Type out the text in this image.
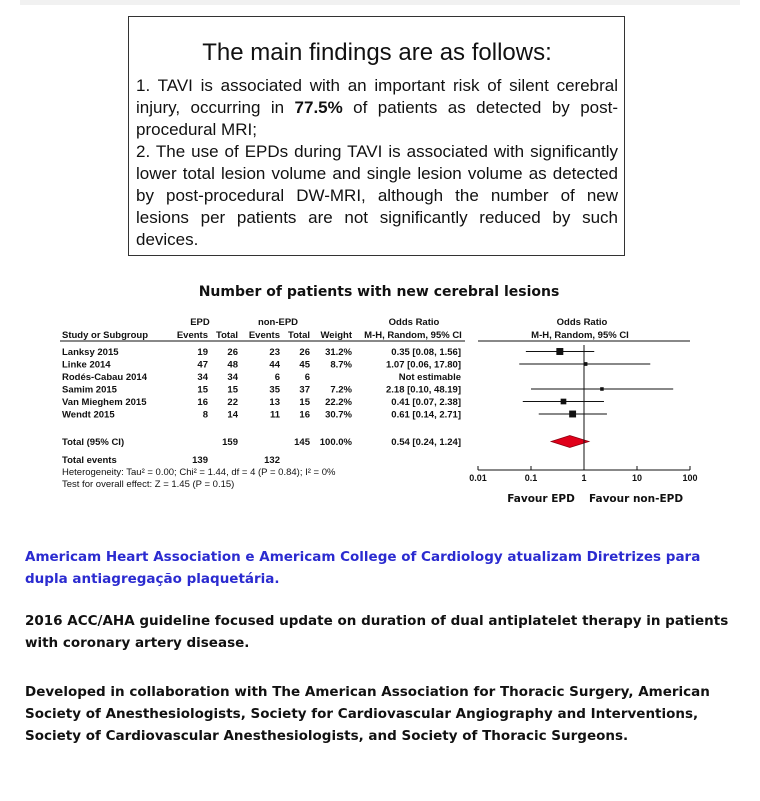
The main findings are as follows:

1. TAVI is associated with an important risk of silent cerebral injury, occurring in 77.5% of patients as detected by post-procedural MRI;

2. The use of EPDs during TAVI is associated with significantly lower total lesion volume and single lesion volume as detected by post-procedural DW-MRI, although the number of new lesions per patients are not significantly reduced by such devices.

Number of patients with new cerebral lesions
EPD	non-EPD	Odds Ratio	Odds Ratio
Study or Subgroup	Events Total Events Total Weight M-H, Random, 95% CI	M-H, Random, 95% CI
Lanksy 2015	19 26	23 26 31.2%	0.35 [0.08, 1.56]
Linke 2014	47 48	44 45 8.7%	1.07 [0.06, 17.80]
Rodés-Cabau 2014	34 34	6	6	Not estimable
Samim 2015	15 15	35 37 7.2%	2.18 [0.10, 48.19]
Van Mieghem 2015	16 22	13 15 22.2%	0.41 [0.07, 2.38]
Wendt 2015	8 14	11 16 30.7%	0.61 [0.14, 2.71]
Total (95% CI)	159	145 100.0%	0.54 [0.24, 1.24]
Total events	139	132
Heterogeneity: Tau² = 0.00; Chi² = 1.44, df = 4 (P = 0.84); I² = 0%
Test for overall effect: Z = 1.45 (P = 0.15)
0.01	0.1	1	10	100
Favour EPD Favour non-EPD
Americam Heart Association e Americam College of Cardiology atualizam Diretrizes para dupla antiagregação plaquetária.
2016 ACC/AHA guideline focused update on duration of dual antiplatelet therapy in patients with coronary artery disease.
Developed in collaboration with The American Association for Thoracic Surgery, American Society of Anesthesiologists, Society for Cardiovascular Angiography and Interventions, Society of Cardiovascular Anesthesiologists, and Society of Thoracic Surgeons.
